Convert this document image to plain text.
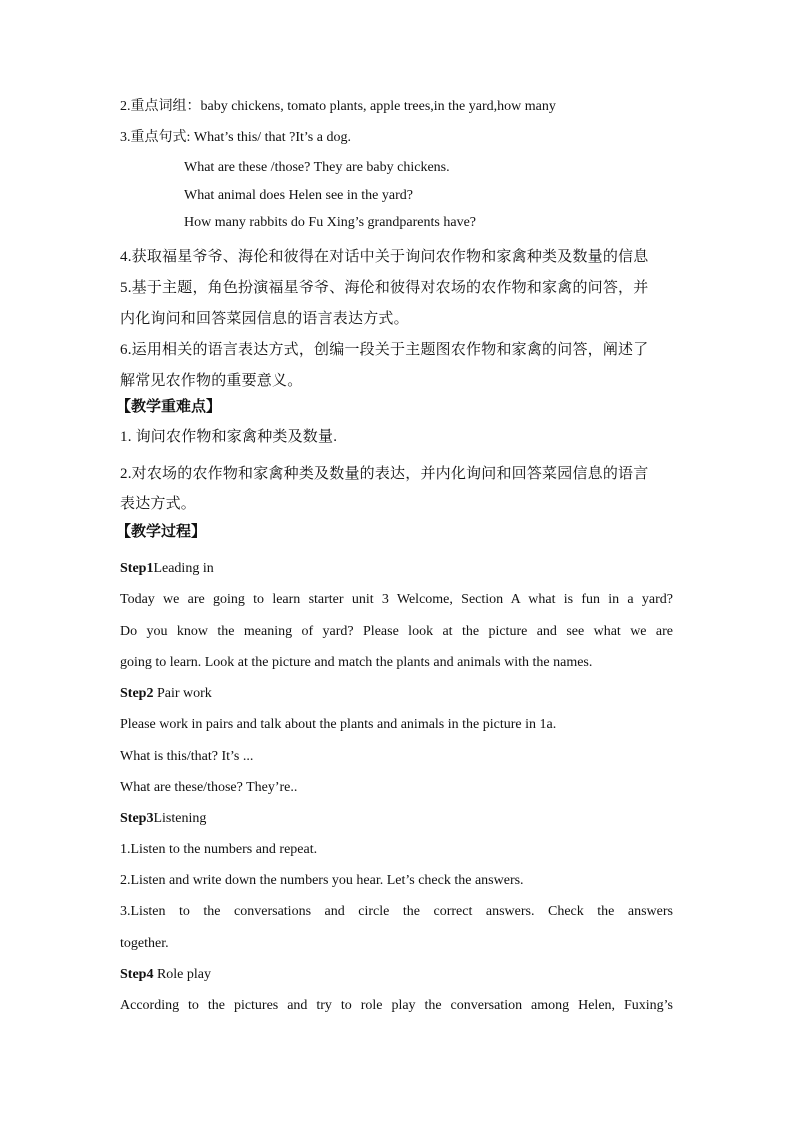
2.重点词组：baby chickens, tomato plants, apple trees,in the yard,how many
3.重点句式: What’s this/ that ?It’s a dog.
What are these /those? They are baby chickens.
What animal does Helen see in the yard?
How many rabbits do Fu Xing’s grandparents have?
4.获取福星爷爷、海伦和彼得在对话中关于询问农作物和家禽种类及数量的信息
5.基于主题，角色扮演福星爷爷、海伦和彼得对农场的农作物和家禽的问答，并
内化询问和回答菜园信息的语言表达方式。
6.运用相关的语言表达方式，创编一段关于主题图农作物和家禽的问答，阐述了
解常见农作物的重要意义。
【教学重难点】
1. 询问农作物和家禽种类及数量.
2.对农场的农作物和家禽种类及数量的表达，并内化询问和回答菜园信息的语言
表达方式。
【教学过程】
Step1Leading in
Today we are going to learn starter unit 3 Welcome, Section A what is fun in a yard?
Do you know the meaning of yard? Please look at the picture and see what we are
going to learn. Look at the picture and match the plants and animals with the names.
Step2 Pair work
Please work in pairs and talk about the plants and animals in the picture in 1a.
What is this/that? It’s ...
What are these/those? They’re..
Step3Listening
1.Listen to the numbers and repeat.
2.Listen and write down the numbers you hear. Let’s check the answers.
3.Listen to the conversations and circle the correct answers. Check the answers
together.
Step4 Role play
According to the pictures and try to role play the conversation among Helen, Fuxing’s
